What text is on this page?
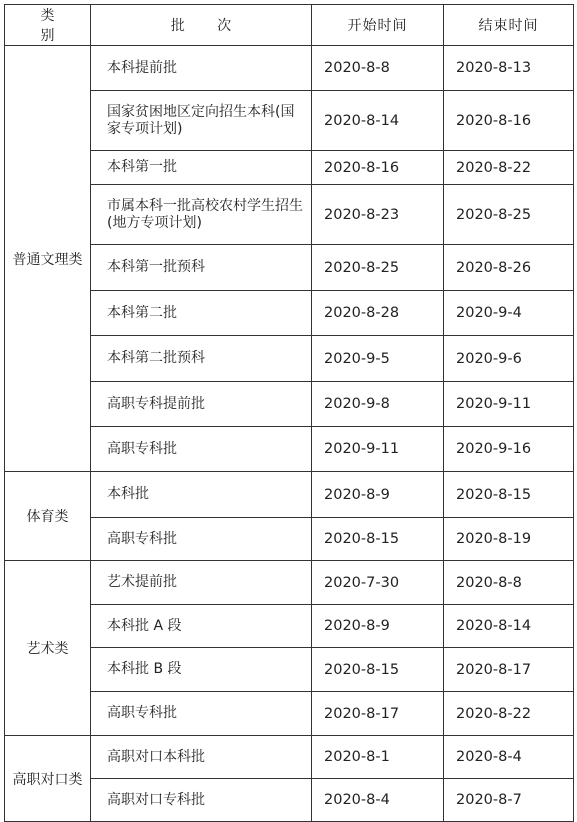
类 别	批 次	开始时间	结束时间
普通文理类	本科提前批	2020-8-8	2020-8-13
	国家贫困地区定向招生本科(国家专项计划)	2020-8-14	2020-8-16
	本科第一批	2020-8-16	2020-8-22
	市属本科一批高校农村学生招生(地方专项计划)	2020-8-23	2020-8-25
	本科第一批预科	2020-8-25	2020-8-26
	本科第二批	2020-8-28	2020-9-4
	本科第二批预科	2020-9-5	2020-9-6
	高职专科提前批	2020-9-8	2020-9-11
	高职专科批	2020-9-11	2020-9-16
体育类	本科批	2020-8-9	2020-8-15
	高职专科批	2020-8-15	2020-8-19
艺术类	艺术提前批	2020-7-30	2020-8-8
	本科批 A 段	2020-8-9	2020-8-14
	本科批 B 段	2020-8-15	2020-8-17
	高职专科批	2020-8-17	2020-8-22
高职对口类	高职对口本科批	2020-8-1	2020-8-4
	高职对口专科批	2020-8-4	2020-8-7
